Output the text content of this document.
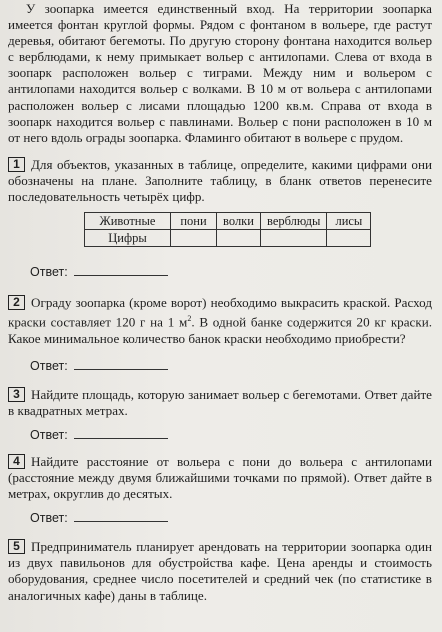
У зоопарка имеется единственный вход. На территории зоопарка имеется фонтан круглой формы. Рядом с фонтаном в вольере, где растут деревья, обитают бегемоты. По другую сторону фонтана находится вольер с верблюдами, к нему примыкает вольер с антилопами. Слева от входа в зоопарк расположен вольер с тиграми. Между ним и вольером с антилопами находится вольер с волками. В 10 м от вольера с антилопами расположен вольер с лисами площадью 1200 кв.м. Справа от входа в зоопарк находится вольер с павлинами. Вольер с пони расположен в 10 м от него вдоль ограды зоопарка. Фламинго обитают в вольере с прудом.

1 Для объектов, указанных в таблице, определите, какими цифрами они обозначены на плане. Заполните таблицу, в бланк ответов перенесите последовательность четырёх цифр.

Животные	пони	волки	верблюды	лисы
Цифры				
Ответ:

2 Ограду зоопарка (кроме ворот) необходимо выкрасить краской. Расход краски составляет 120 г на 1 $м^2$. В одной банке содержится 20 кг краски. Какое минимальное количество банок краски необходимо приобрести?

Ответ:

3 Найдите площадь, которую занимает вольер с бегемотами. Ответ дайте в квадратных метрах.

Ответ:

4 Найдите расстояние от вольера с пони до вольера с антилопами (расстояние между двумя ближайшими точками по прямой). Ответ дайте в метрах, округлив до десятых.

Ответ:

5 Предприниматель планирует арендовать на территории зоопарка один из двух павильонов для обустройства кафе. Цена аренды и стоимость оборудования, среднее число посетителей и средний чек (по статистике в аналогичных кафе) даны в таблице.
